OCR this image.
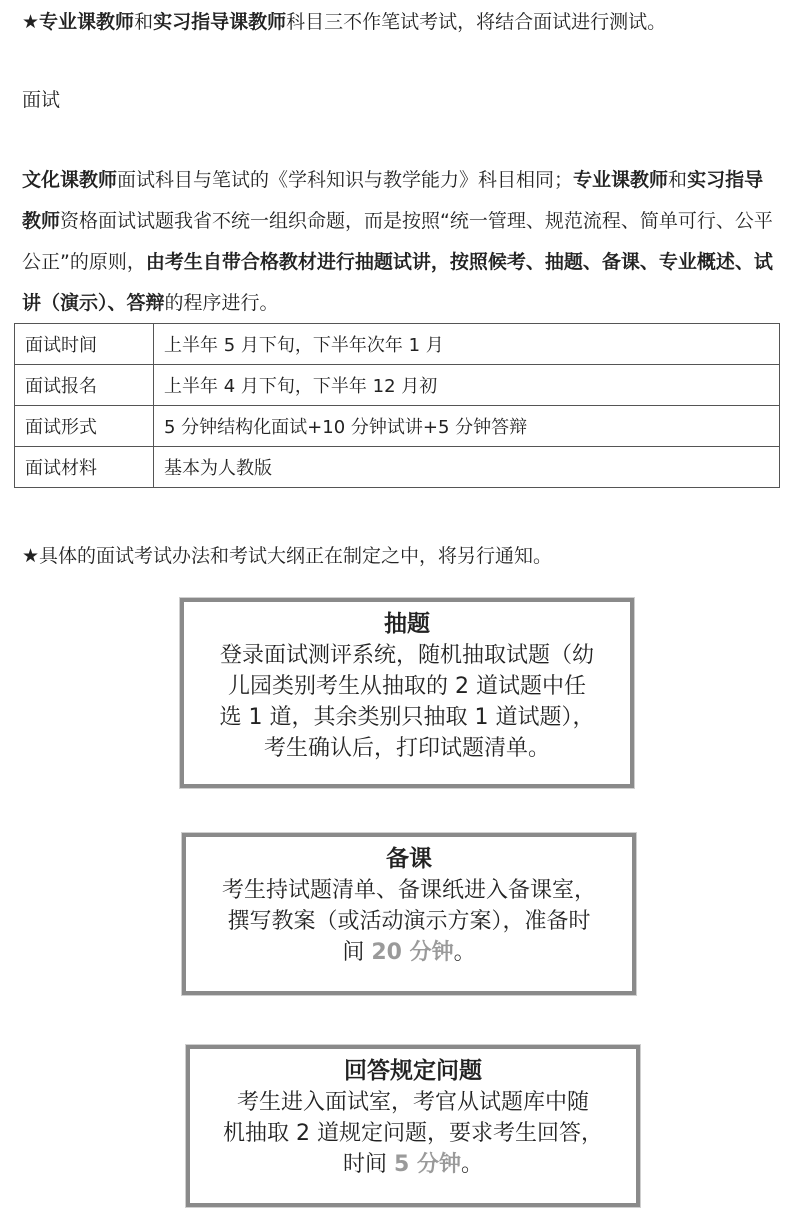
★专业课教师和实习指导课教师科目三不作笔试考试，将结合面试进行测试。

面试

文化课教师面试科目与笔试的《学科知识与教学能力》科目相同；专业课教师和实习指导教师资格面试试题我省不统一组织命题，而是按照“统一管理、规范流程、简单可行、公平公正”的原则，由考生自带合格教材进行抽题试讲，按照候考、抽题、备课、专业概述、试讲（演示）、答辩的程序进行。

面试时间	上半年 5 月下旬，下半年次年 1 月
面试报名	上半年 4 月下旬，下半年 12 月初
面试形式	5 分钟结构化面试+10 分钟试讲+5 分钟答辩
面试材料	基本为人教版

★具体的面试考试办法和考试大纲正在制定之中，将另行通知。

抽题
登录面试测评系统，随机抽取试题（幼
儿园类别考生从抽取的 2 道试题中任
选 1 道，其余类别只抽取 1 道试题），
考生确认后，打印试题清单。
备课
考生持试题清单、备课纸进入备课室，
撰写教案（或活动演示方案），准备时
间 20 分钟。
回答规定问题
考生进入面试室，考官从试题库中随
机抽取 2 道规定问题，要求考生回答，
时间 5 分钟。
